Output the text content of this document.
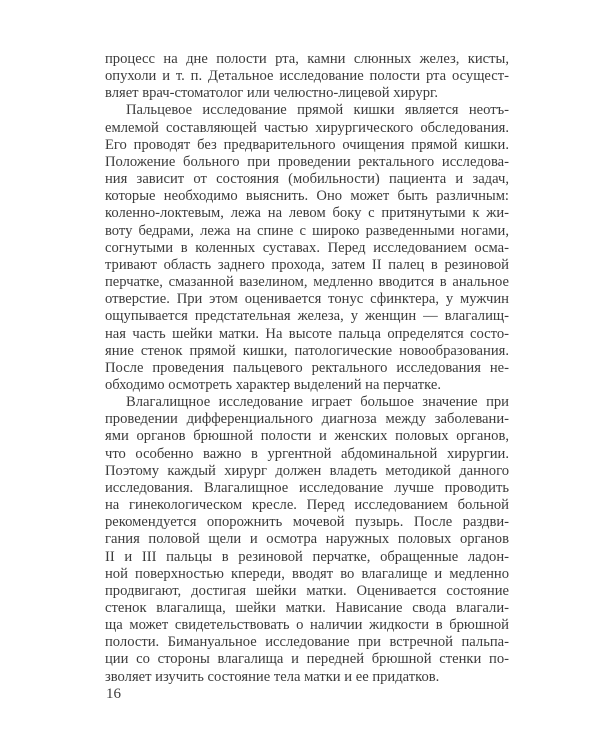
процесс на дне полости рта, камни слюнных желез, кисты,
опухоли и т. п. Детальное исследование полости рта осущест-
вляет врач-стоматолог или челюстно-лицевой хирург.
Пальцевое исследование прямой кишки является неотъ-
емлемой составляющей частью хирургического обследования.
Его проводят без предварительного очищения прямой кишки.
Положение больного при проведении ректального исследова-
ния зависит от состояния (мобильности) пациента и задач,
которые необходимо выяснить. Оно может быть различным:
коленно-локтевым, лежа на левом боку с притянутыми к жи-
воту бедрами, лежа на спине с широко разведенными ногами,
согнутыми в коленных суставах. Перед исследованием осма-
тривают область заднего прохода, затем II палец в резиновой
перчатке, смазанной вазелином, медленно вводится в анальное
отверстие. При этом оценивается тонус сфинктера, у мужчин
ощупывается предстательная железа, у женщин — влагалищ-
ная часть шейки матки. На высоте пальца определятся состо-
яние стенок прямой кишки, патологические новообразования.
После проведения пальцевого ректального исследования не-
обходимо осмотреть характер выделений на перчатке.
Влагалищное исследование играет большое значение при
проведении дифференциального диагноза между заболевани-
ями органов брюшной полости и женских половых органов,
что особенно важно в ургентной абдоминальной хирургии.
Поэтому каждый хирург должен владеть методикой данного
исследования. Влагалищное исследование лучше проводить
на гинекологическом кресле. Перед исследованием больной
рекомендуется опорожнить мочевой пузырь. После раздви-
гания половой щели и осмотра наружных половых органов
II и III пальцы в резиновой перчатке, обращенные ладон-
ной поверхностью кпереди, вводят во влагалище и медленно
продвигают, достигая шейки матки. Оценивается состояние
стенок влагалища, шейки матки. Нависание свода влагали-
ща может свидетельствовать о наличии жидкости в брюшной
полости. Бимануальное исследование при встречной пальпа-
ции со стороны влагалища и передней брюшной стенки по-
зволяет изучить состояние тела матки и ее придатков.
16
